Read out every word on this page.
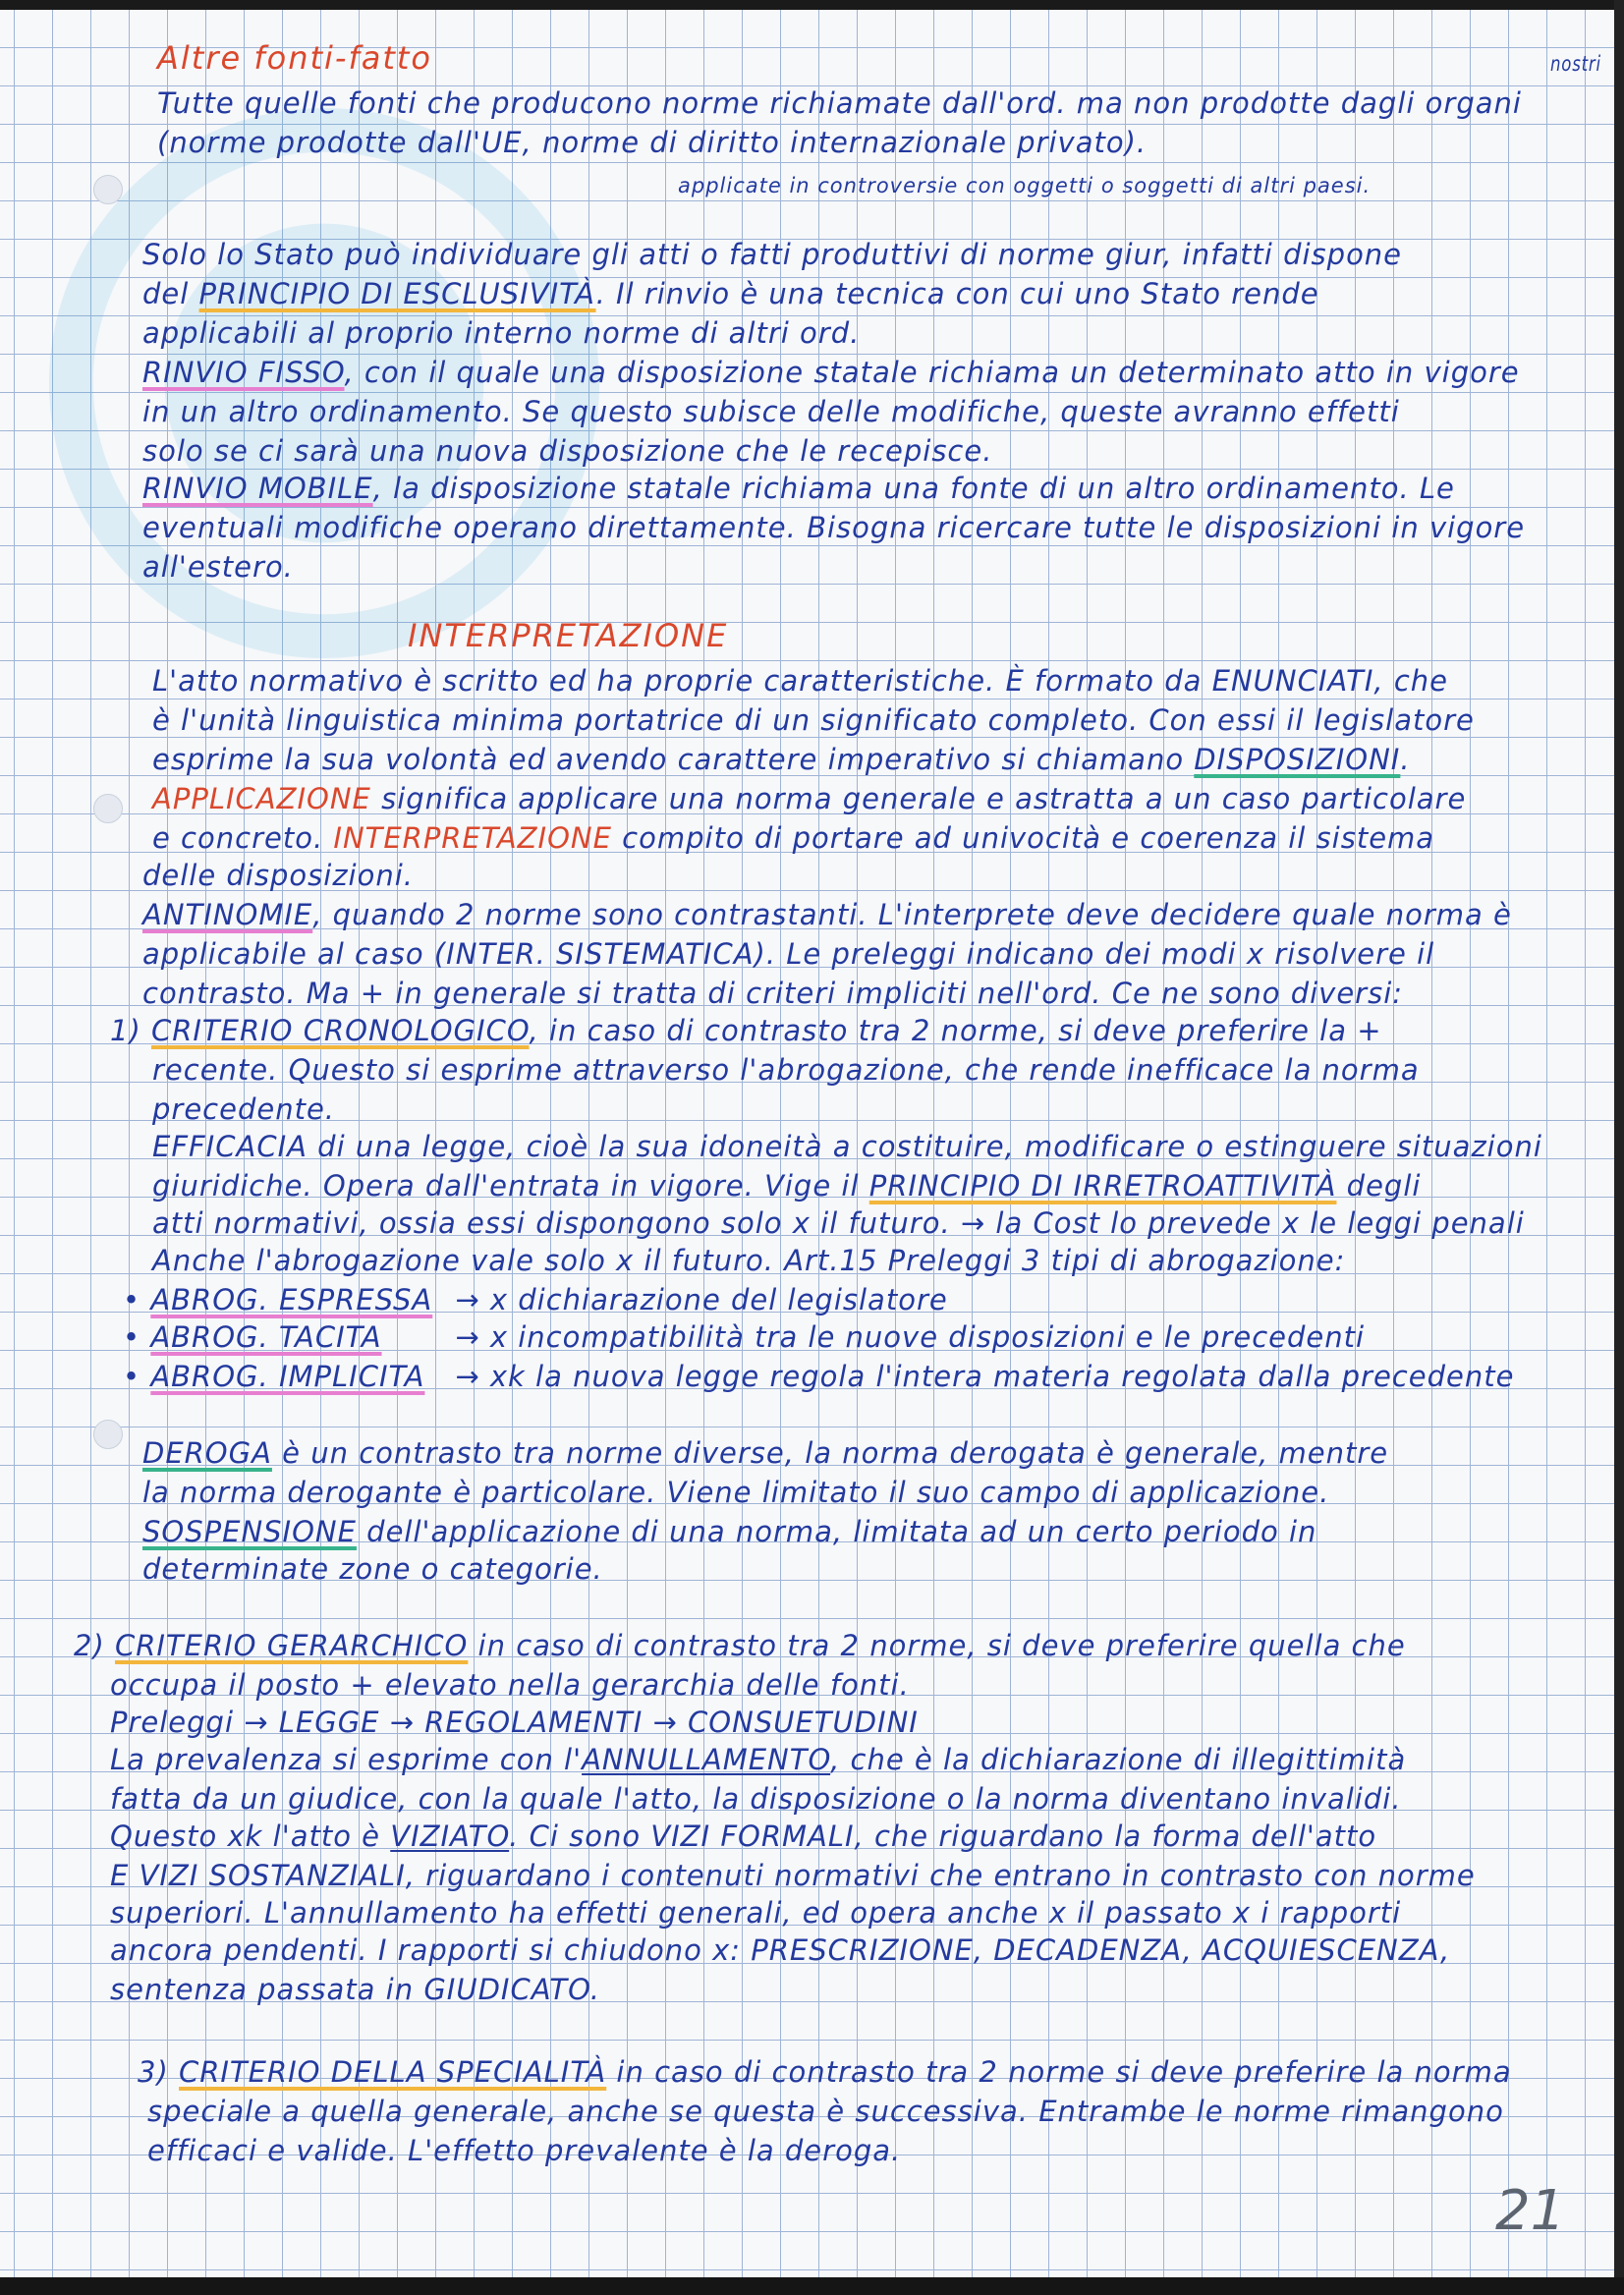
Altre fonti-fatto	nostri
Tutte quelle fonti che producono norme richiamate dall'ord. ma non prodotte dagli organi
(norme prodotte dall'UE, norme di diritto internazionale privato).
applicate in controversie con oggetti o soggetti di altri paesi.
Solo lo Stato può individuare gli atti o fatti produttivi di norme giur, infatti dispone
del PRINCIPIO DI ESCLUSIVITÀ. Il rinvio è una tecnica con cui uno Stato rende
applicabili al proprio interno norme di altri ord.
RINVIO FISSO, con il quale una disposizione statale richiama un determinato atto in vigore
in un altro ordinamento. Se questo subisce delle modifiche, queste avranno effetti
solo se ci sarà una nuova disposizione che le recepisce.
RINVIO MOBILE, la disposizione statale richiama una fonte di un altro ordinamento. Le
eventuali modifiche operano direttamente. Bisogna ricercare tutte le disposizioni in vigore
all'estero.
INTERPRETAZIONE
L'atto normativo è scritto ed ha proprie caratteristiche. È formato da ENUNCIATI, che
è l'unità linguistica minima portatrice di un significato completo. Con essi il legislatore
esprime la sua volontà ed avendo carattere imperativo si chiamano DISPOSIZIONI.
APPLICAZIONE significa applicare una norma generale e astratta a un caso particolare
e concreto. INTERPRETAZIONE compito di portare ad univocità e coerenza il sistema
delle disposizioni.
ANTINOMIE, quando 2 norme sono contrastanti. L'interprete deve decidere quale norma è
applicabile al caso (INTER. SISTEMATICA). Le preleggi indicano dei modi x risolvere il
contrasto. Ma + in generale si tratta di criteri impliciti nell'ord. Ce ne sono diversi:
1) CRITERIO CRONOLOGICO, in caso di contrasto tra 2 norme, si deve preferire la +
recente. Questo si esprime attraverso l'abrogazione, che rende inefficace la norma
precedente.
EFFICACIA di una legge, cioè la sua idoneità a costituire, modificare o estinguere situazioni
giuridiche. Opera dall'entrata in vigore. Vige il PRINCIPIO DI IRRETROATTIVITÀ degli
atti normativi, ossia essi dispongono solo x il futuro. → la Cost lo prevede x le leggi penali
Anche l'abrogazione vale solo x il futuro. Art.15 Preleggi 3 tipi di abrogazione:
• ABROG. ESPRESSA → x dichiarazione del legislatore
• ABROG. TACITA	→ x incompatibilità tra le nuove disposizioni e le precedenti
• ABROG. IMPLICITA → xk la nuova legge regola l'intera materia regolata dalla precedente
DEROGA è un contrasto tra norme diverse, la norma derogata è generale, mentre
la norma derogante è particolare. Viene limitato il suo campo di applicazione.
SOSPENSIONE dell'applicazione di una norma, limitata ad un certo periodo in
determinate zone o categorie.
2) CRITERIO GERARCHICO in caso di contrasto tra 2 norme, si deve preferire quella che
occupa il posto + elevato nella gerarchia delle fonti.
Preleggi → LEGGE → REGOLAMENTI → CONSUETUDINI
La prevalenza si esprime con l'ANNULLAMENTO, che è la dichiarazione di illegittimità
fatta da un giudice, con la quale l'atto, la disposizione o la norma diventano invalidi.
Questo xk l'atto è VIZIATO. Ci sono VIZI FORMALI, che riguardano la forma dell'atto
E VIZI SOSTANZIALI, riguardano i contenuti normativi che entrano in contrasto con norme
superiori. L'annullamento ha effetti generali, ed opera anche x il passato x i rapporti
ancora pendenti. I rapporti si chiudono x: PRESCRIZIONE, DECADENZA, ACQUIESCENZA,
sentenza passata in GIUDICATO.
3) CRITERIO DELLA SPECIALITÀ in caso di contrasto tra 2 norme si deve preferire la norma
speciale a quella generale, anche se questa è successiva. Entrambe le norme rimangono
efficaci e valide. L'effetto prevalente è la deroga.
21
